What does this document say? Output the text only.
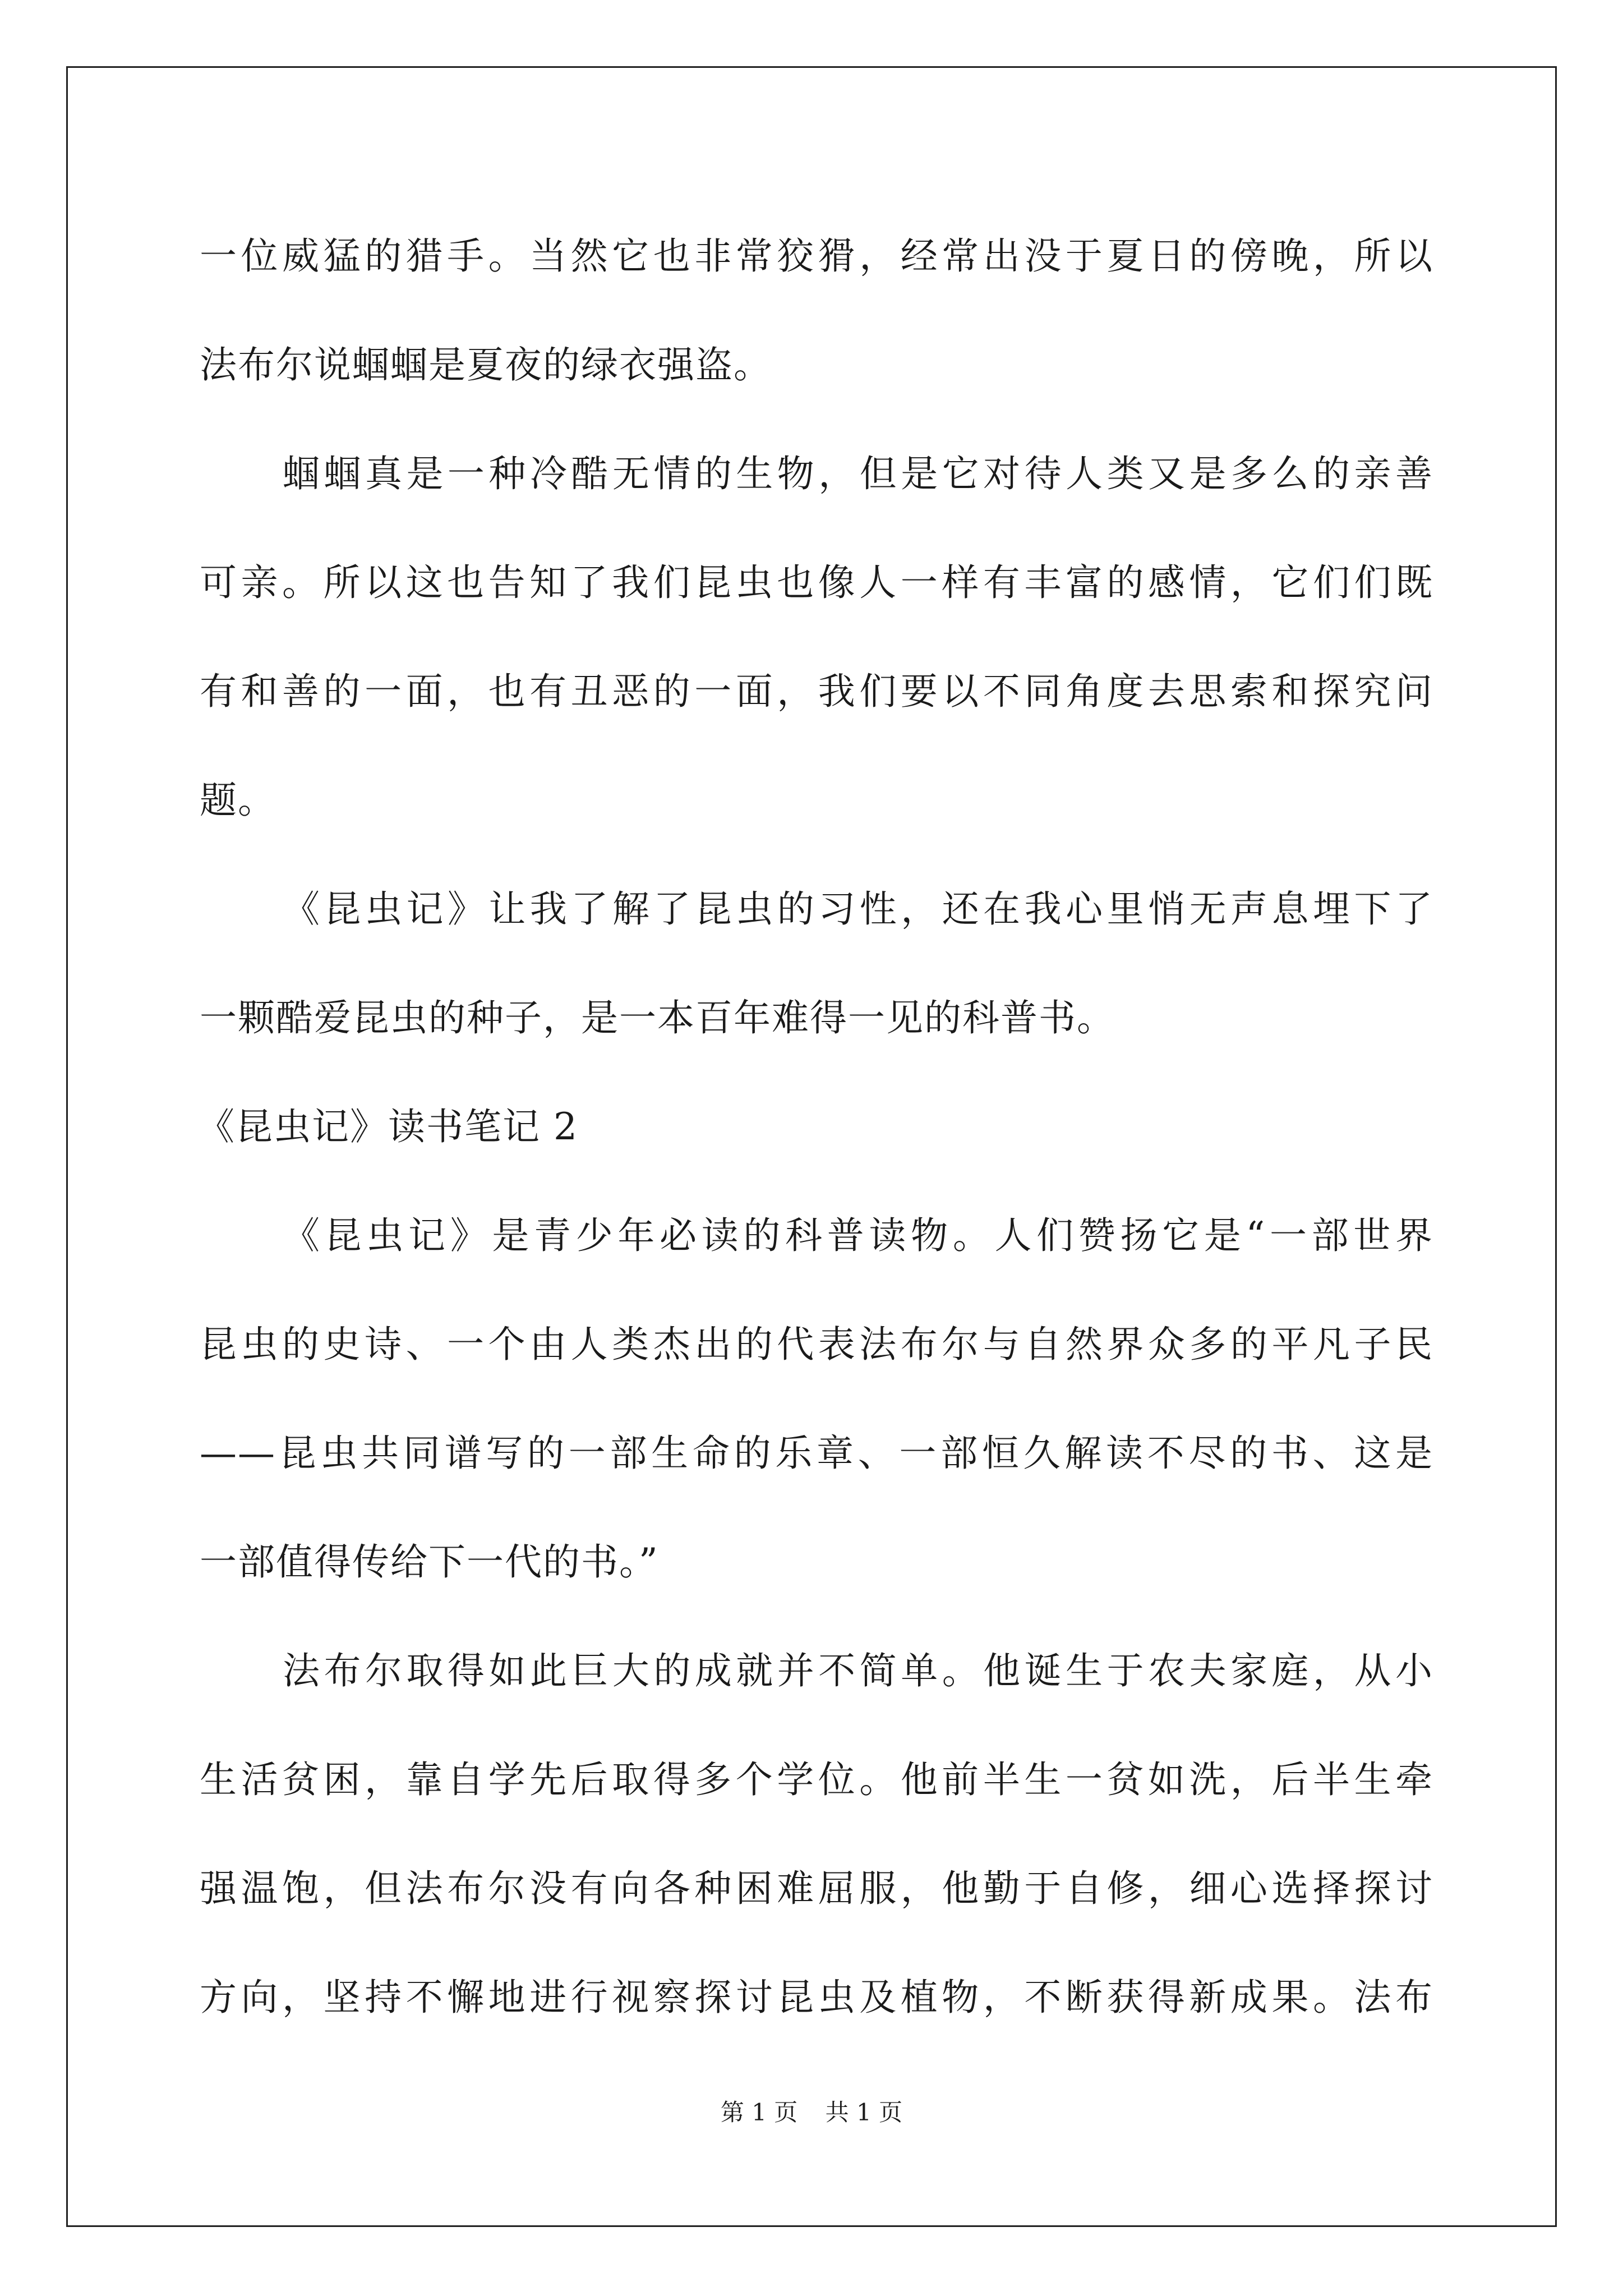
一位威猛的猎手。当然它也非常狡猾，经常出没于夏日的傍晚，所以
法布尔说蝈蝈是夏夜的绿衣强盗。
蝈蝈真是一种冷酷无情的生物，但是它对待人类又是多么的亲善
可亲。所以这也告知了我们昆虫也像人一样有丰富的感情，它们们既
有和善的一面，也有丑恶的一面，我们要以不同角度去思索和探究问
题。
《昆虫记》让我了解了昆虫的习性，还在我心里悄无声息埋下了
一颗酷爱昆虫的种子，是一本百年难得一见的科普书。
《昆虫记》读书笔记 2
《昆虫记》是青少年必读的科普读物。人们赞扬它是“一部世界
昆虫的史诗、一个由人类杰出的代表法布尔与自然界众多的平凡子民
——昆虫共同谱写的一部生命的乐章、一部恒久解读不尽的书、这是
一部值得传给下一代的书。”
法布尔取得如此巨大的成就并不简单。他诞生于农夫家庭，从小
生活贫困，靠自学先后取得多个学位。他前半生一贫如洗，后半生牵
强温饱，但法布尔没有向各种困难屈服，他勤于自修，细心选择探讨
方向，坚持不懈地进行视察探讨昆虫及植物，不断获得新成果。法布
第 1 页 共 1 页
